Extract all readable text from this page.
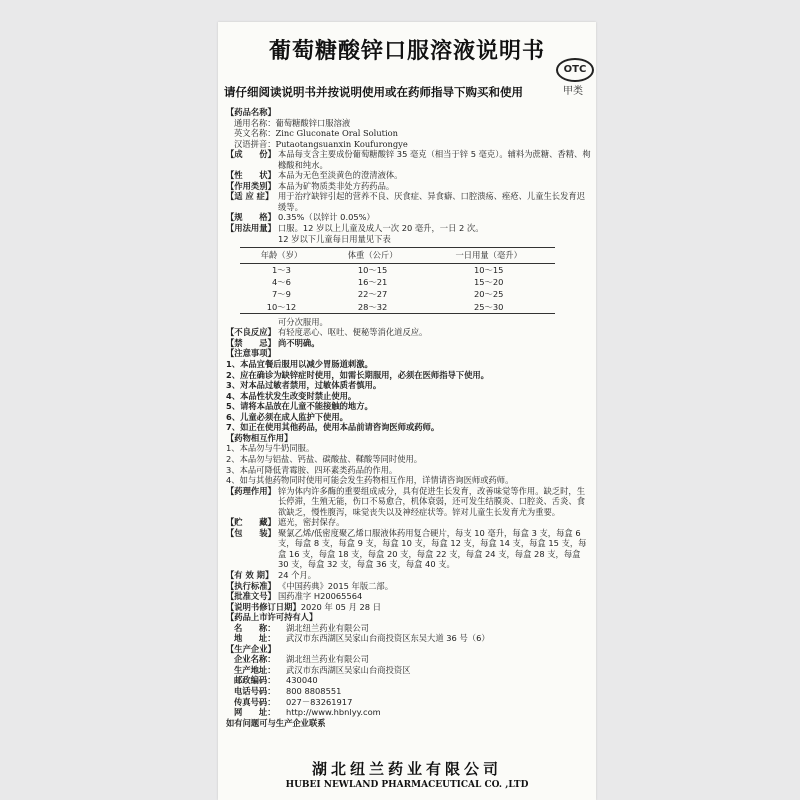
葡萄糖酸锌口服溶液说明书
OTC
甲类
请仔细阅读说明书并按说明使用或在药师指导下购买和使用
【药品名称】
通用名称： 葡萄糖酸锌口服溶液
英文名称： Zinc Gluconate Oral Solution
汉语拼音： Putaotangsuanxin Koufurongye
【成　　份】 本品每支含主要成份葡萄糖酸锌 35 毫克（相当于锌 5 毫克）。辅料为蔗糖、香精、枸橼酸和纯水。
【性　　状】 本品为无色至淡黄色的澄清液体。
【作用类别】 本品为矿物质类非处方药药品。
【适 应 症】 用于治疗缺锌引起的营养不良、厌食症、异食癖、口腔溃疡、痤疮、儿童生长发育迟缓等。
【规　　格】 0.35%（以锌计 0.05%）
【用法用量】 口服。12 岁以上儿童及成人一次 20 毫升，一日 2 次。
12 岁以下儿童每日用量见下表
年龄（岁）	体重（公斤）	一日用量（毫升）
1～3	10～15	10～15
4～6	16～21	15～20
7～9	22～27	20～25
10～12	28～32	25～30
可分次服用。
【不良反应】 有轻度恶心、呕吐、便秘等消化道反应。
【禁　　忌】 尚不明确。
【注意事项】
1、本品宜餐后服用以减少胃肠道刺激。
2、应在确诊为缺锌症时使用，如需长期服用，必须在医师指导下使用。
3、对本品过敏者禁用，过敏体质者慎用。
4、本品性状发生改变时禁止使用。
5、请将本品放在儿童不能接触的地方。
6、儿童必须在成人监护下使用。
7、如正在使用其他药品，使用本品前请咨询医师或药师。
【药物相互作用】
1、本品勿与牛奶同服。
2、本品勿与铝盐、钙盐、碳酸盐、鞣酸等同时使用。
3、本品可降低青霉胺、四环素类药品的作用。
4、如与其他药物同时使用可能会发生药物相互作用，详情请咨询医师或药师。
【药理作用】 锌为体内许多酶的重要组成成分，具有促进生长发育，改善味觉等作用。缺乏时，生长停滞，生殖无能，伤口不易愈合，机体衰弱，还可发生结膜炎、口腔炎、舌炎、食欲缺乏，慢性腹泻，味觉丧失以及神经症状等。锌对儿童生长发育尤为重要。
【贮　　藏】 遮光，密封保存。
【包　　装】 聚氯乙烯/低密度聚乙烯口服液体药用复合硬片，每支 10 毫升，每盒 3 支，每盒 6 支，每盒 8 支，每盒 9 支，每盒 10 支，每盒 12 支，每盒 14 支，每盒 15 支，每盒 16 支，每盒 18 支，每盒 20 支，每盒 22 支，每盒 24 支，每盒 28 支，每盒 30 支，每盒 32 支，每盒 36 支，每盒 40 支。
【有 效 期】 24 个月。
【执行标准】 《中国药典》2015 年版二部。
【批准文号】 国药准字 H20065564
【说明书修订日期】 2020 年 05 月 28 日
【药品上市许可持有人】
名　　称：	湖北纽兰药业有限公司
地　　址：	武汉市东西湖区吴家山台商投资区东吴大道 36 号（6）
【生产企业】
企业名称：	湖北纽兰药业有限公司
生产地址：	武汉市东西湖区吴家山台商投资区
邮政编码：	430040
电话号码：	800 8808551
传真号码：	027－83261917
网　　址：	http://www.hbnlyy.com
如有问题可与生产企业联系
湖北纽兰药业有限公司
HUBEI NEWLAND PHARMACEUTICAL CO. ,LTD
